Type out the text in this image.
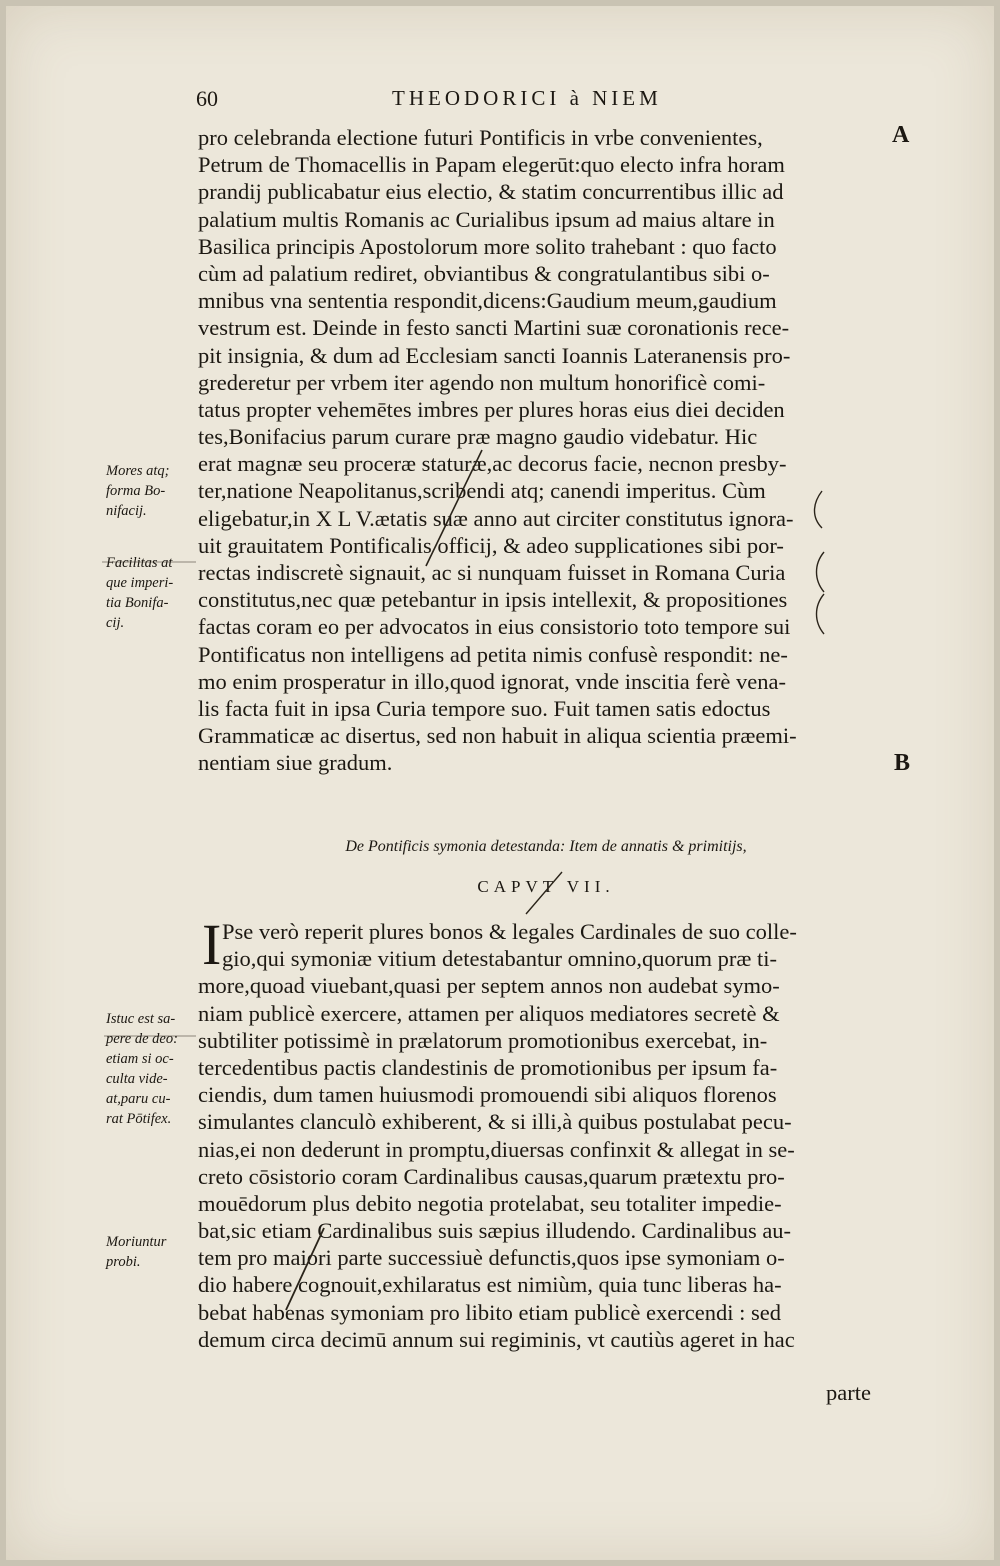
60	THEODORICI à NIEM
A
B
pro celebranda electione futuri Pontificis in vrbe convenientes,
Petrum de Thomacellis in Papam elegerūt:quo electo infra horam
prandij publicabatur eius electio, & statim concurrentibus illic ad
palatium multis Romanis ac Curialibus ipsum ad maius altare in
Basilica principis Apostolorum more solito trahebant : quo facto
cùm ad palatium rediret, obviantibus & congratulantibus sibi o-
mnibus vna sententia respondit,dicens:Gaudium meum,gaudium
vestrum est. Deinde in festo sancti Martini suæ coronationis rece-
pit insignia, & dum ad Ecclesiam sancti Ioannis Lateranensis pro-
grederetur per vrbem iter agendo non multum honorificè comi-
tatus propter vehemētes imbres per plures horas eius diei deciden
tes,Bonifacius parum curare præ magno gaudio videbatur. Hic
erat magnæ seu proceræ staturæ,ac decorus facie, necnon presby-
ter,natione Neapolitanus,scribendi atq; canendi imperitus. Cùm
eligebatur,in X L V.ætatis suæ anno aut circiter constitutus ignora-
uit grauitatem Pontificalis officij, & adeo supplicationes sibi por-
rectas indiscretè signauit, ac si nunquam fuisset in Romana Curia
constitutus,nec quæ petebantur in ipsis intellexit, & propositiones
factas coram eo per advocatos in eius consistorio toto tempore sui
Pontificatus non intelligens ad petita nimis confusè respondit: ne-
mo enim prosperatur in illo,quod ignorat, vnde inscitia ferè vena-
lis facta fuit in ipsa Curia tempore suo. Fuit tamen satis edoctus
Grammaticæ ac disertus, sed non habuit in aliqua scientia præemi-
nentiam siue gradum.
De Pontificis symonia detestanda: Item de annatis & primitijs,
CAPVT VII.
I Pse verò reperit plures bonos & legales Cardinales de suo colle-
gio,qui symoniæ vitium detestabantur omnino,quorum præ ti-
more,quoad viuebant,quasi per septem annos non audebat symo-
niam publicè exercere, attamen per aliquos mediatores secretè &
subtiliter potissimè in prælatorum promotionibus exercebat, in-
tercedentibus pactis clandestinis de promotionibus per ipsum fa-
ciendis, dum tamen huiusmodi promouendi sibi aliquos florenos
simulantes clanculò exhiberent, & si illi,à quibus postulabat pecu-
nias,ei non dederunt in promptu,diuersas confinxit & allegat in se-
creto cōsistorio coram Cardinalibus causas,quarum prætextu pro-
mouēdorum plus debito negotia protelabat, seu totaliter impedie-
bat,sic etiam Cardinalibus suis sæpius illudendo. Cardinalibus au-
tem pro maiori parte successiuè defunctis,quos ipse symoniam o-
dio habere cognouit,exhilaratus est nimiùm, quia tunc liberas ha-
bebat habenas symoniam pro libito etiam publicè exercendi : sed
demum circa decimū annum sui regiminis, vt cautiùs ageret in hac
parte
Mores atq;
forma Bo-
nifacij.
Facilitas at
que imperi-
tia Bonifa-
cij.
Istuc est sa-
pere de deo:
etiam si oc-
culta vide-
at,paru cu-
rat Pōtifex.
Moriuntur
probi.
